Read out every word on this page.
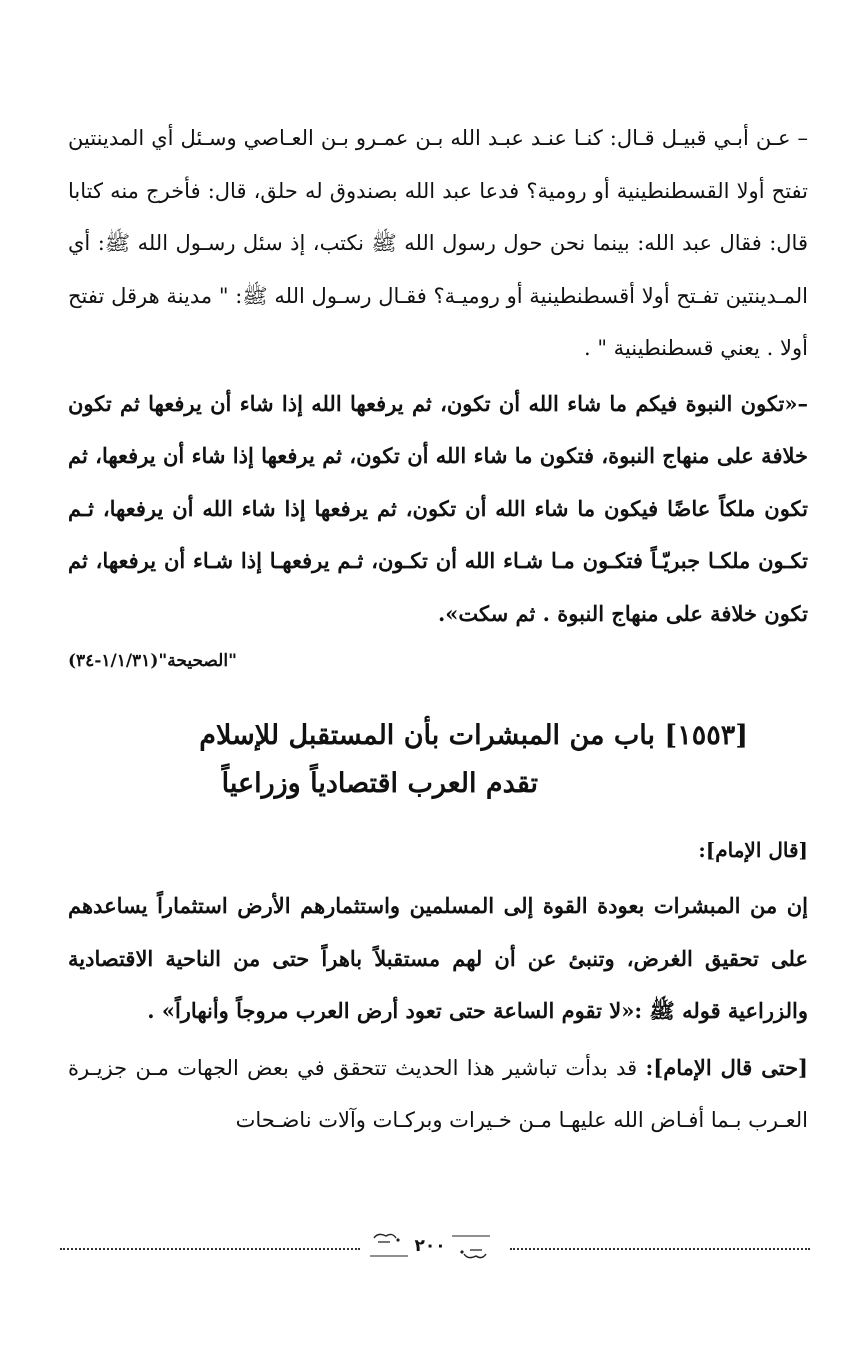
– عـن أبـي قبيـل قـال: كنـا عنـد عبـد الله بـن عمـرو بـن العـاصي وسـئل أي المدينتين تفتح أولا القسطنطينية أو رومية؟ فدعا عبد الله بصندوق له حلق، قال: فأخرج منه كتابا قال: فقال عبد الله: بينما نحن حول رسول الله ﷺ نكتب، إذ سئل رسـول الله ﷺ: أي المـدينتين تفـتح أولا أقسطنطينية أو روميـة؟ فقـال رسـول الله ﷺ: " مدينة هرقل تفتح أولا . يعني قسطنطينية " .

–«تكون النبوة فيكم ما شاء الله أن تكون، ثم يرفعها الله إذا شاء أن يرفعها ثم تكون خلافة على منهاج النبوة، فتكون ما شاء الله أن تكون، ثم يرفعها إذا شاء أن يرفعها، ثم تكون ملكاً عاضًا فيكون ما شاء الله أن تكون، ثم يرفعها إذا شاء الله أن يرفعها، ثـم تكـون ملكـا جبريّـاً فتكـون مـا شـاء الله أن تكـون، ثـم يرفعهـا إذا شـاء أن يرفعها، ثم تكون خلافة على منهاج النبوة . ثم سكت».

"الصحيحة"(١/١/٣١-٣٤)

[١٥٥٣] باب من المبشرات بأن المستقبل للإسلام
تقدم العرب اقتصادياً وزراعياً

[قال الإمام]:

إن من المبشرات بعودة القوة إلى المسلمين واستثمارهم الأرض استثماراً يساعدهم على تحقيق الغرض، وتنبئ عن أن لهم مستقبلاً باهراً حتى من الناحية الاقتصادية والزراعية قوله ﷺ :«لا تقوم الساعة حتى تعود أرض العرب مروجاً وأنهاراً» .

[حتى قال الإمام]: قد بدأت تباشير هذا الحديث تتحقق في بعض الجهات مـن جزيـرة العـرب بـما أفـاض الله عليهـا مـن خـيرات وبركـات وآلات ناضـحات

٢٠٠
